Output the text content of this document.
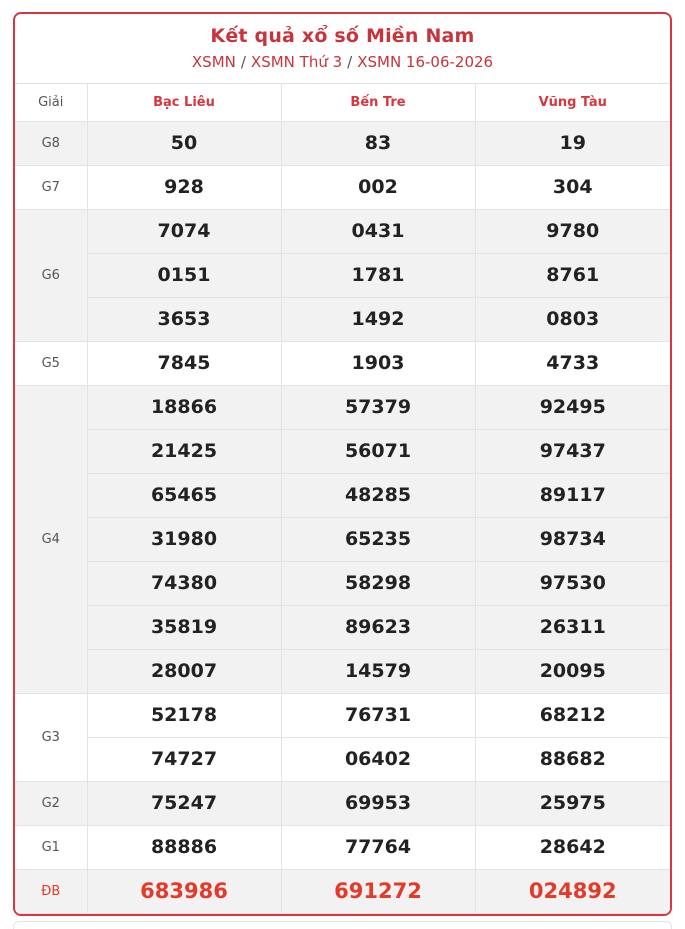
Kết quả xổ số Miền Nam
XSMN / XSMN Thứ 3 / XSMN 16-06-2026
Giải	Bạc Liêu	Bến Tre	Vũng Tàu
G8	50	83	19
G7	928	002	304
G6	7074	0431	9780
	0151	1781	8761
	3653	1492	0803
G5	7845	1903	4733
G4	18866	57379	92495
	21425	56071	97437
	65465	48285	89117
	31980	65235	98734
	74380	58298	97530
	35819	89623	26311
	28007	14579	20095
G3	52178	76731	68212
	74727	06402	88682
G2	75247	69953	25975
G1	88886	77764	28642
ĐB	683986	691272	024892
